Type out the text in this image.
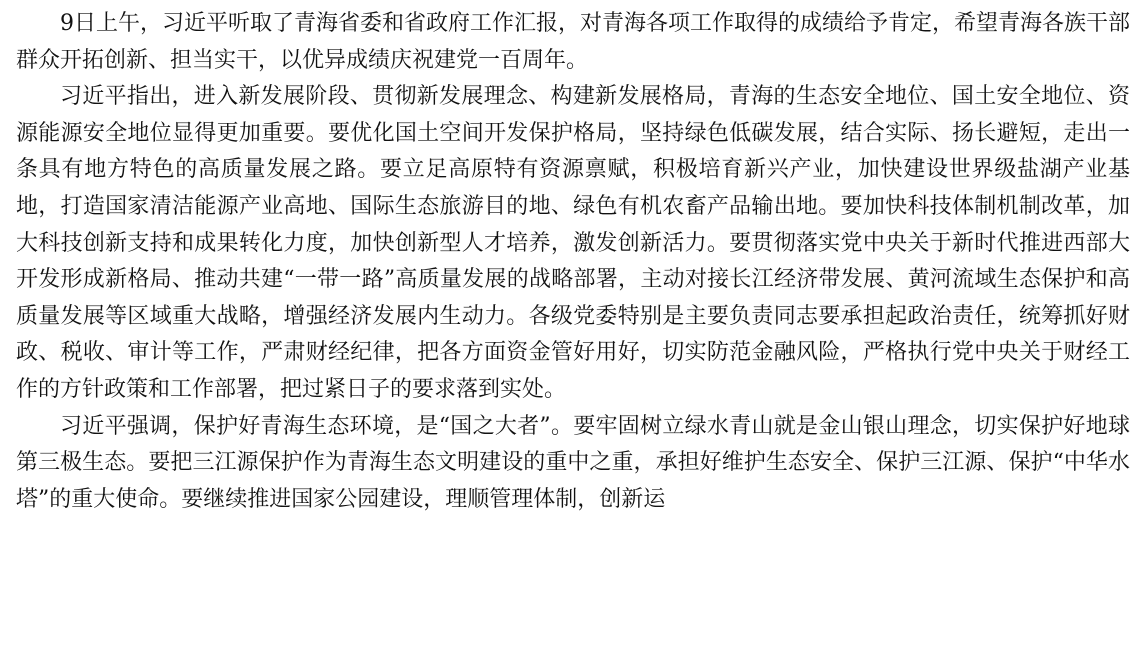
9日上午，习近平听取了青海省委和省政府工作汇报，对青海各项工作取得的成绩给予肯定，希望青海各族干部群众开拓创新、担当实干，以优异成绩庆祝建党一百周年。

习近平指出，进入新发展阶段、贯彻新发展理念、构建新发展格局，青海的生态安全地位、国土安全地位、资源能源安全地位显得更加重要。要优化国土空间开发保护格局，坚持绿色低碳发展，结合实际、扬长避短，走出一条具有地方特色的高质量发展之路。要立足高原特有资源禀赋，积极培育新兴产业，加快建设世界级盐湖产业基地，打造国家清洁能源产业高地、国际生态旅游目的地、绿色有机农畜产品输出地。要加快科技体制机制改革，加大科技创新支持和成果转化力度，加快创新型人才培养，激发创新活力。要贯彻落实党中央关于新时代推进西部大开发形成新格局、推动共建“一带一路”高质量发展的战略部署，主动对接长江经济带发展、黄河流域生态保护和高质量发展等区域重大战略，增强经济发展内生动力。各级党委特别是主要负责同志要承担起政治责任，统筹抓好财政、税收、审计等工作，严肃财经纪律，把各方面资金管好用好，切实防范金融风险，严格执行党中央关于财经工作的方针政策和工作部署，把过紧日子的要求落到实处。

习近平强调，保护好青海生态环境，是“国之大者”。要牢固树立绿水青山就是金山银山理念，切实保护好地球第三极生态。要把三江源保护作为青海生态文明建设的重中之重，承担好维护生态安全、保护三江源、保护“中华水塔”的重大使命。要继续推进国家公园建设，理顺管理体制，创新运
